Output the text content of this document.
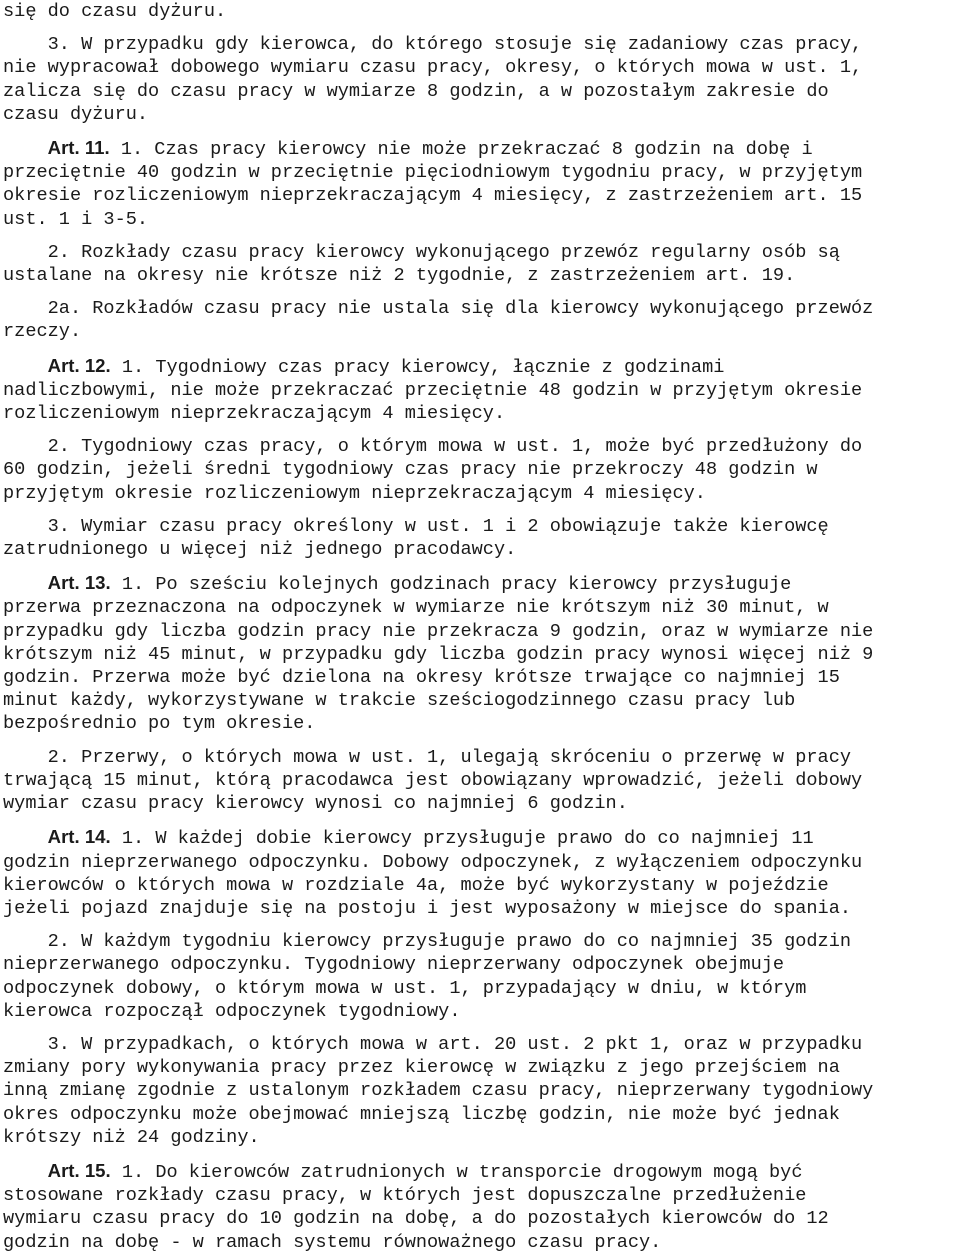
się do czasu dyżuru.
3. W przypadku gdy kierowca, do którego stosuje się zadaniowy czas pracy,
nie wypracował dobowego wymiaru czasu pracy, okresy, o których mowa w ust. 1,
zalicza się do czasu pracy w wymiarze 8 godzin, a w pozostałym zakresie do
czasu dyżuru.
Art. 11. 1. Czas pracy kierowcy nie może przekraczać 8 godzin na dobę i
przeciętnie 40 godzin w przeciętnie pięciodniowym tygodniu pracy, w przyjętym
okresie rozliczeniowym nieprzekraczającym 4 miesięcy, z zastrzeżeniem art. 15
ust. 1 i 3-5.
2. Rozkłady czasu pracy kierowcy wykonującego przewóz regularny osób są
ustalane na okresy nie krótsze niż 2 tygodnie, z zastrzeżeniem art. 19.
2a. Rozkładów czasu pracy nie ustala się dla kierowcy wykonującego przewóz
rzeczy.
Art. 12. 1. Tygodniowy czas pracy kierowcy, łącznie z godzinami
nadliczbowymi, nie może przekraczać przeciętnie 48 godzin w przyjętym okresie
rozliczeniowym nieprzekraczającym 4 miesięcy.
2. Tygodniowy czas pracy, o którym mowa w ust. 1, może być przedłużony do
60 godzin, jeżeli średni tygodniowy czas pracy nie przekroczy 48 godzin w
przyjętym okresie rozliczeniowym nieprzekraczającym 4 miesięcy.
3. Wymiar czasu pracy określony w ust. 1 i 2 obowiązuje także kierowcę
zatrudnionego u więcej niż jednego pracodawcy.
Art. 13. 1. Po sześciu kolejnych godzinach pracy kierowcy przysługuje
przerwa przeznaczona na odpoczynek w wymiarze nie krótszym niż 30 minut, w
przypadku gdy liczba godzin pracy nie przekracza 9 godzin, oraz w wymiarze nie
krótszym niż 45 minut, w przypadku gdy liczba godzin pracy wynosi więcej niż 9
godzin. Przerwa może być dzielona na okresy krótsze trwające co najmniej 15
minut każdy, wykorzystywane w trakcie sześciogodzinnego czasu pracy lub
bezpośrednio po tym okresie.
2. Przerwy, o których mowa w ust. 1, ulegają skróceniu o przerwę w pracy
trwającą 15 minut, którą pracodawca jest obowiązany wprowadzić, jeżeli dobowy
wymiar czasu pracy kierowcy wynosi co najmniej 6 godzin.
Art. 14. 1. W każdej dobie kierowcy przysługuje prawo do co najmniej 11
godzin nieprzerwanego odpoczynku. Dobowy odpoczynek, z wyłączeniem odpoczynku
kierowców o których mowa w rozdziale 4a, może być wykorzystany w pojeździe
jeżeli pojazd znajduje się na postoju i jest wyposażony w miejsce do spania.
2. W każdym tygodniu kierowcy przysługuje prawo do co najmniej 35 godzin
nieprzerwanego odpoczynku. Tygodniowy nieprzerwany odpoczynek obejmuje
odpoczynek dobowy, o którym mowa w ust. 1, przypadający w dniu, w którym
kierowca rozpoczął odpoczynek tygodniowy.
3. W przypadkach, o których mowa w art. 20 ust. 2 pkt 1, oraz w przypadku
zmiany pory wykonywania pracy przez kierowcę w związku z jego przejściem na
inną zmianę zgodnie z ustalonym rozkładem czasu pracy, nieprzerwany tygodniowy
okres odpoczynku może obejmować mniejszą liczbę godzin, nie może być jednak
krótszy niż 24 godziny.
Art. 15. 1. Do kierowców zatrudnionych w transporcie drogowym mogą być
stosowane rozkłady czasu pracy, w których jest dopuszczalne przedłużenie
wymiaru czasu pracy do 10 godzin na dobę, a do pozostałych kierowców do 12
godzin na dobę - w ramach systemu równoważnego czasu pracy.
